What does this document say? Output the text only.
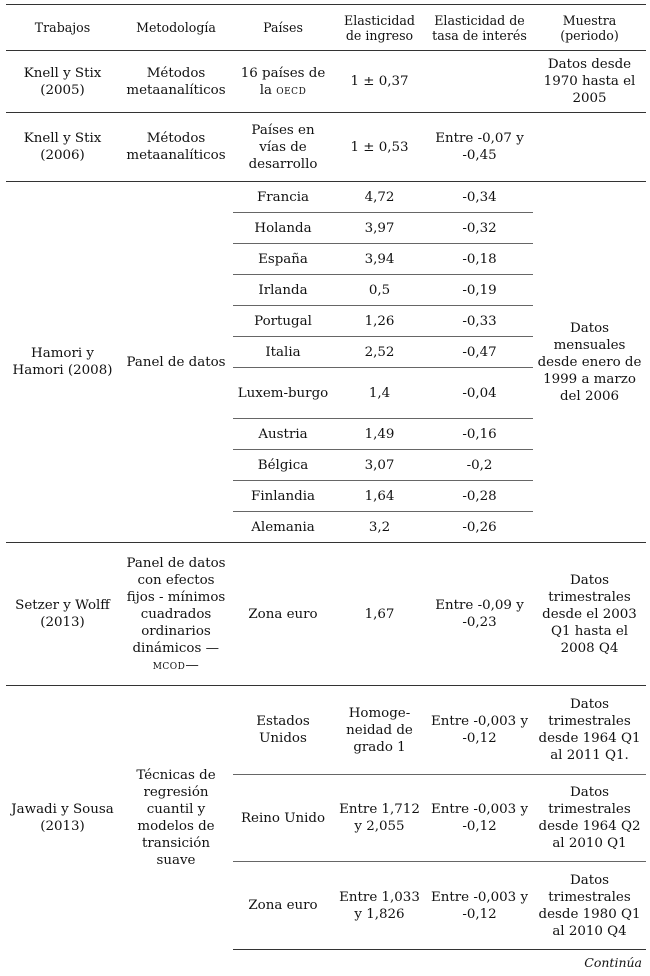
Trabajos	Metodología	Países	Elasticidad de ingreso	Elasticidad de tasa de interés	Muestra (periodo)
Knell y Stix (2005)	Métodos metaanalíticos	16 países de la oecd	1 ± 0,37		Datos desde 1970 hasta el 2005
Knell y Stix (2006)	Métodos metaanalíticos	Países en vías de desarrollo	1 ± 0,53	Entre -0,07 y -0,45	
Hamori y Hamori (2008)	Panel de datos	Francia	4,72	-0,34	Datos mensuales desde enero de 1999 a marzo del 2006
		Holanda	3,97	-0,32	
		España	3,94	-0,18	
		Irlanda	0,5	-0,19	
		Portugal	1,26	-0,33	
		Italia	2,52	-0,47	
		Luxem-burgo	1,4	-0,04	
		Austria	1,49	-0,16	
		Bélgica	3,07	-0,2	
		Finlandia	1,64	-0,28	
		Alemania	3,2	-0,26	
Setzer y Wolff (2013)	Panel de datos con efectos fijos - mínimos cuadrados ordinarios dinámicos —mcod—	Zona euro	1,67	Entre -0,09 y -0,23	Datos trimestrales desde el 2003 Q1 hasta el 2008 Q4
Jawadi y Sousa (2013)	Técnicas de regresión cuantil y modelos de transición suave	Estados Unidos	Homoge-neidad de grado 1	Entre -0,003 y -0,12	Datos trimestrales desde 1964 Q1 al 2011 Q1.
		Reino Unido	Entre 1,712 y 2,055	Entre -0,003 y -0,12	Datos trimestrales desde 1964 Q2 al 2010 Q1
		Zona euro	Entre 1,033 y 1,826	Entre -0,003 y -0,12	Datos trimestrales desde 1980 Q1 al 2010 Q4
Continúa
